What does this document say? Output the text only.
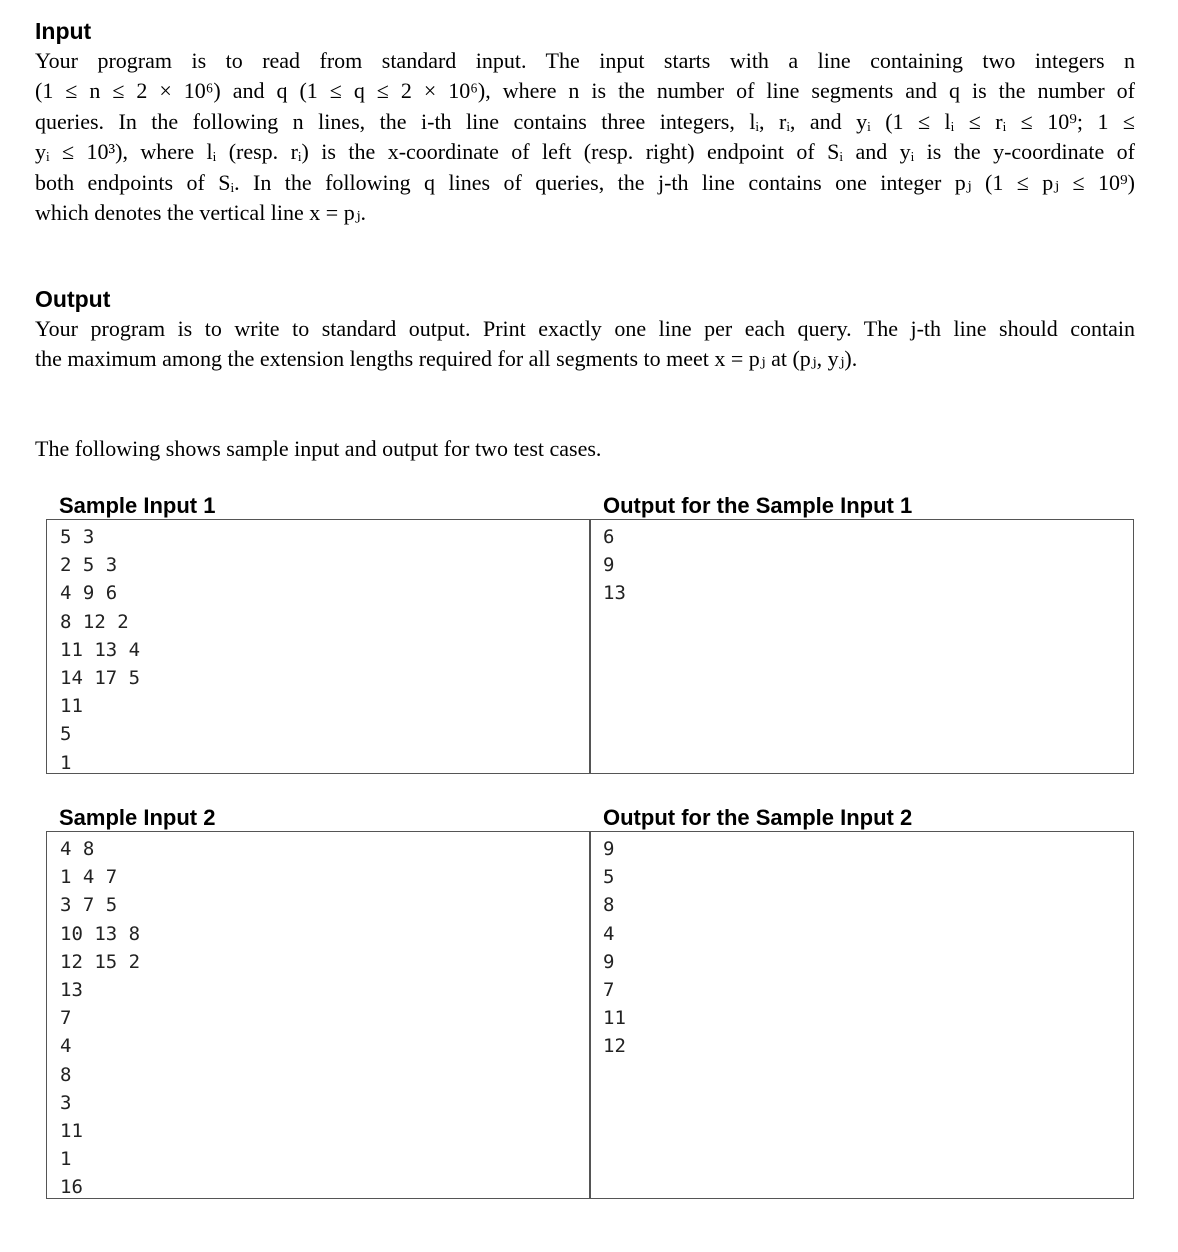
Input
Your program is to read from standard input. The input starts with a line containing two integers n
(1 ≤ n ≤ 2 × 10⁶) and q (1 ≤ q ≤ 2 × 10⁶), where n is the number of line segments and q is the number of
queries. In the following n lines, the i-th line contains three integers, lᵢ, rᵢ, and yᵢ (1 ≤ lᵢ ≤ rᵢ ≤ 10⁹; 1 ≤
yᵢ ≤ 10³), where lᵢ (resp. rᵢ) is the x-coordinate of left (resp. right) endpoint of Sᵢ and yᵢ is the y-coordinate of
both endpoints of Sᵢ. In the following q lines of queries, the j-th line contains one integer pⱼ (1 ≤ pⱼ ≤ 10⁹)
which denotes the vertical line x = pⱼ.
Output
Your program is to write to standard output. Print exactly one line per each query. The j-th line should contain
the maximum among the extension lengths required for all segments to meet x = pⱼ at (pⱼ, yⱼ).
The following shows sample input and output for two test cases.
Sample Input 1	Output for the Sample Input 1
5 3
2 5 3
4 9 6
8 12 2
11 13 4
14 17 5
11
5
1
6
9
13
Sample Input 2	Output for the Sample Input 2
4 8
1 4 7
3 7 5
10 13 8
12 15 2
13
7
4
8
3
11
1
16
9
5
8
4
9
7
11
12
